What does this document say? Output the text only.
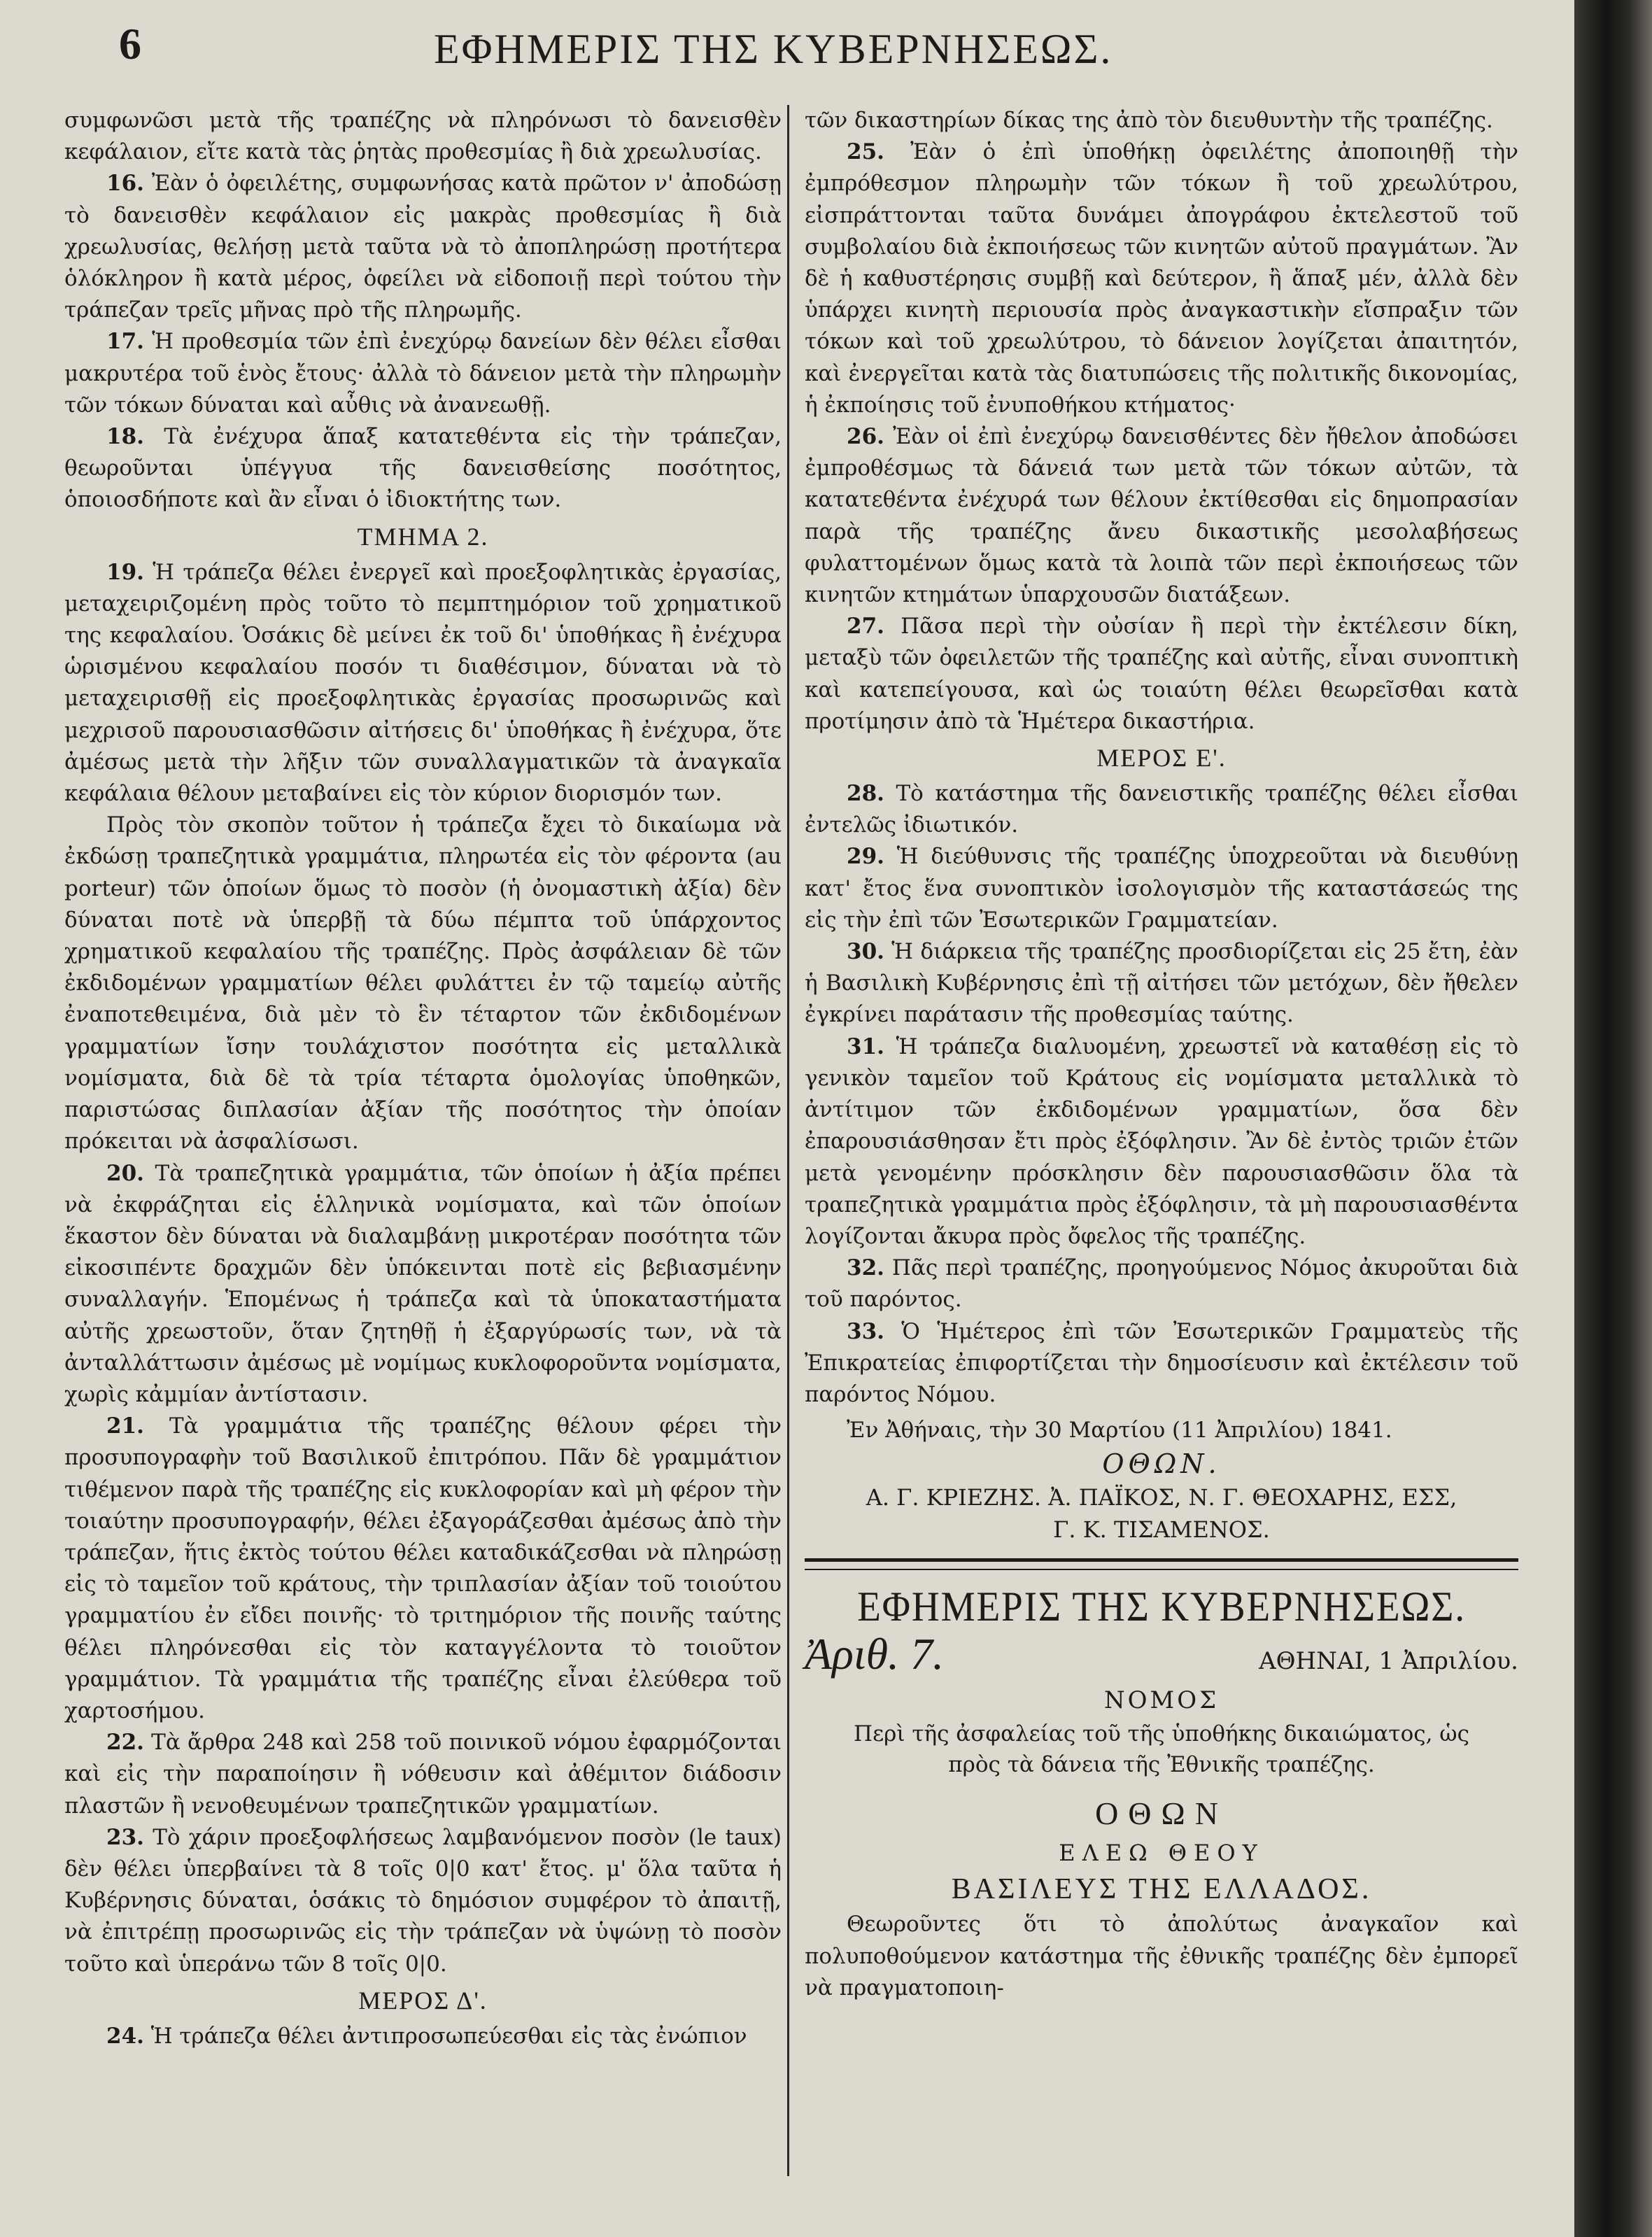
6	ΕΦΗΜΕΡΙΣ ΤΗΣ ΚΥΒΕΡΝΗΣΕΩΣ.

συμφωνῶσι μετὰ τῆς τραπέζης νὰ πληρόνωσι τὸ δανεισθὲν κεφάλαιον, εἴτε κατὰ τὰς ῥητὰς προθεσμίας ἢ διὰ χρεωλυσίας.

16. Ἐὰν ὁ ὀφειλέτης, συμφωνήσας κατὰ πρῶτον ν' ἀποδώσῃ τὸ δανεισθὲν κεφάλαιον εἰς μακρὰς προθεσμίας ἢ διὰ χρεωλυσίας, θελήσῃ μετὰ ταῦτα νὰ τὸ ἀποπληρώσῃ προτήτερα ὁλόκληρον ἢ κατὰ μέρος, ὀφείλει νὰ εἰδοποιῇ περὶ τούτου τὴν τράπεζαν τρεῖς μῆνας πρὸ τῆς πληρωμῆς.

17. Ἡ προθεσμία τῶν ἐπὶ ἐνεχύρῳ δανείων δὲν θέλει εἶσθαι μακρυτέρα τοῦ ἑνὸς ἔτους· ἀλλὰ τὸ δάνειον μετὰ τὴν πληρωμὴν τῶν τόκων δύναται καὶ αὖθις νὰ ἀνανεωθῇ.

18. Τὰ ἐνέχυρα ἅπαξ κατατεθέντα εἰς τὴν τράπεζαν, θεωροῦνται ὑπέγγυα τῆς δανεισθείσης ποσότητος, ὁποιοσδήποτε καὶ ἂν εἶναι ὁ ἰδιοκτήτης των.

ΤΜΗΜΑ 2.

19. Ἡ τράπεζα θέλει ἐνεργεῖ καὶ προεξοφλητικὰς ἐργασίας, μεταχειριζομένη πρὸς τοῦτο τὸ πεμπτημόριον τοῦ χρηματικοῦ της κεφαλαίου. Ὁσάκις δὲ μείνει ἐκ τοῦ δι' ὑποθήκας ἢ ἐνέχυρα ὡρισμένου κεφαλαίου ποσόν τι διαθέσιμον, δύναται νὰ τὸ μεταχειρισθῇ εἰς προεξοφλητικὰς ἐργασίας προσωρινῶς καὶ μεχρισοῦ παρουσιασθῶσιν αἰτήσεις δι' ὑποθήκας ἢ ἐνέχυρα, ὅτε ἀμέσως μετὰ τὴν λῆξιν τῶν συναλλαγματικῶν τὰ ἀναγκαῖα κεφάλαια θέλουν μεταβαίνει εἰς τὸν κύριον διορισμόν των.

Πρὸς τὸν σκοπὸν τοῦτον ἡ τράπεζα ἔχει τὸ δικαίωμα νὰ ἐκδώσῃ τραπεζητικὰ γραμμάτια, πληρωτέα εἰς τὸν φέροντα (au porteur) τῶν ὁποίων ὅμως τὸ ποσὸν (ἡ ὀνομαστικὴ ἀξία) δὲν δύναται ποτὲ νὰ ὑπερβῇ τὰ δύω πέμπτα τοῦ ὑπάρχοντος χρηματικοῦ κεφαλαίου τῆς τραπέζης. Πρὸς ἀσφάλειαν δὲ τῶν ἐκδιδομένων γραμματίων θέλει φυλάττει ἐν τῷ ταμείῳ αὐτῆς ἐναποτεθειμένα, διὰ μὲν τὸ ἓν τέταρτον τῶν ἐκδιδομένων γραμματίων ἴσην τουλάχιστον ποσότητα εἰς μεταλλικὰ νομίσματα, διὰ δὲ τὰ τρία τέταρτα ὁμολογίας ὑποθηκῶν, παριστώσας διπλασίαν ἀξίαν τῆς ποσότητος τὴν ὁποίαν πρόκειται νὰ ἀσφαλίσωσι.

20. Τὰ τραπεζητικὰ γραμμάτια, τῶν ὁποίων ἡ ἀξία πρέπει νὰ ἐκφράζηται εἰς ἑλληνικὰ νομίσματα, καὶ τῶν ὁποίων ἕκαστον δὲν δύναται νὰ διαλαμβάνῃ μικροτέραν ποσότητα τῶν εἰκοσιπέντε δραχμῶν δὲν ὑπόκεινται ποτὲ εἰς βεβιασμένην συναλλαγήν. Ἑπομένως ἡ τράπεζα καὶ τὰ ὑποκαταστήματα αὐτῆς χρεωστοῦν, ὅταν ζητηθῇ ἡ ἐξαργύρωσίς των, νὰ τὰ ἀνταλλάττωσιν ἀμέσως μὲ νομίμως κυκλοφοροῦντα νομίσματα, χωρὶς κἀμμίαν ἀντίστασιν.

21. Τὰ γραμμάτια τῆς τραπέζης θέλουν φέρει τὴν προσυπογραφὴν τοῦ Βασιλικοῦ ἐπιτρόπου. Πᾶν δὲ γραμμάτιον τιθέμενον παρὰ τῆς τραπέζης εἰς κυκλοφορίαν καὶ μὴ φέρον τὴν τοιαύτην προσυπογραφήν, θέλει ἐξαγοράζεσθαι ἀμέσως ἀπὸ τὴν τράπεζαν, ἥτις ἐκτὸς τούτου θέλει καταδικάζεσθαι νὰ πληρώσῃ εἰς τὸ ταμεῖον τοῦ κράτους, τὴν τριπλασίαν ἀξίαν τοῦ τοιούτου γραμματίου ἐν εἴδει ποινῆς· τὸ τριτημόριον τῆς ποινῆς ταύτης θέλει πληρόνεσθαι εἰς τὸν καταγγέλοντα τὸ τοιοῦτον γραμμάτιον. Τὰ γραμμάτια τῆς τραπέζης εἶναι ἐλεύθερα τοῦ χαρτοσήμου.

22. Τὰ ἄρθρα 248 καὶ 258 τοῦ ποινικοῦ νόμου ἐφαρμόζονται καὶ εἰς τὴν παραποίησιν ἢ νόθευσιν καὶ ἀθέμιτον διάδοσιν πλαστῶν ἢ νενοθευμένων τραπεζητικῶν γραμματίων.

23. Τὸ χάριν προεξοφλήσεως λαμβανόμενον ποσὸν (le taux) δὲν θέλει ὑπερβαίνει τὰ 8 τοῖς 0|0 κατ' ἔτος. μ' ὅλα ταῦτα ἡ Κυβέρνησις δύναται, ὁσάκις τὸ δημόσιον συμφέρον τὸ ἀπαιτῇ, νὰ ἐπιτρέπῃ προσωρινῶς εἰς τὴν τράπεζαν νὰ ὑψώνῃ τὸ ποσὸν τοῦτο καὶ ὑπεράνω τῶν 8 τοῖς 0|0.

ΜΕΡΟΣ Δ'.

24. Ἡ τράπεζα θέλει ἀντιπροσωπεύεσθαι εἰς τὰς ἐνώπιον

τῶν δικαστηρίων δίκας της ἀπὸ τὸν διευθυντὴν τῆς τραπέζης.

25. Ἐὰν ὁ ἐπὶ ὑποθήκῃ ὀφειλέτης ἀποποιηθῇ τὴν ἐμπρόθεσμον πληρωμὴν τῶν τόκων ἢ τοῦ χρεωλύτρου, εἰσπράττονται ταῦτα δυνάμει ἀπογράφου ἐκτελεστοῦ τοῦ συμβολαίου διὰ ἐκποιήσεως τῶν κινητῶν αὐτοῦ πραγμάτων. Ἂν δὲ ἡ καθυστέρησις συμβῇ καὶ δεύτερον, ἢ ἅπαξ μέν, ἀλλὰ δὲν ὑπάρχει κινητὴ περιουσία πρὸς ἀναγκαστικὴν εἴσπραξιν τῶν τόκων καὶ τοῦ χρεωλύτρου, τὸ δάνειον λογίζεται ἀπαιτητόν, καὶ ἐνεργεῖται κατὰ τὰς διατυπώσεις τῆς πολιτικῆς δικονομίας, ἡ ἐκποίησις τοῦ ἐνυποθήκου κτήματος·

26. Ἐὰν οἱ ἐπὶ ἐνεχύρῳ δανεισθέντες δὲν ἤθελον ἀποδώσει ἐμπροθέσμως τὰ δάνειά των μετὰ τῶν τόκων αὐτῶν, τὰ κατατεθέντα ἐνέχυρά των θέλουν ἐκτίθεσθαι εἰς δημοπρασίαν παρὰ τῆς τραπέζης ἄνευ δικαστικῆς μεσολαβήσεως φυλαττομένων ὅμως κατὰ τὰ λοιπὰ τῶν περὶ ἐκποιήσεως τῶν κινητῶν κτημάτων ὑπαρχουσῶν διατάξεων.

27. Πᾶσα περὶ τὴν οὐσίαν ἢ περὶ τὴν ἐκτέλεσιν δίκη, μεταξὺ τῶν ὀφειλετῶν τῆς τραπέζης καὶ αὐτῆς, εἶναι συνοπτικὴ καὶ κατεπείγουσα, καὶ ὡς τοιαύτη θέλει θεωρεῖσθαι κατὰ προτίμησιν ἀπὸ τὰ Ἡμέτερα δικαστήρια.

ΜΕΡΟΣ Ε'.

28. Τὸ κατάστημα τῆς δανειστικῆς τραπέζης θέλει εἶσθαι ἐντελῶς ἰδιωτικόν.

29. Ἡ διεύθυνσις τῆς τραπέζης ὑποχρεοῦται νὰ διευθύνῃ κατ' ἔτος ἕνα συνοπτικὸν ἰσολογισμὸν τῆς καταστάσεώς της εἰς τὴν ἐπὶ τῶν Ἐσωτερικῶν Γραμματείαν.

30. Ἡ διάρκεια τῆς τραπέζης προσδιορίζεται εἰς 25 ἔτη, ἐὰν ἡ Βασιλικὴ Κυβέρνησις ἐπὶ τῇ αἰτήσει τῶν μετόχων, δὲν ἤθελεν ἐγκρίνει παράτασιν τῆς προθεσμίας ταύτης.

31. Ἡ τράπεζα διαλυομένη, χρεωστεῖ νὰ καταθέσῃ εἰς τὸ γενικὸν ταμεῖον τοῦ Κράτους εἰς νομίσματα μεταλλικὰ τὸ ἀντίτιμον τῶν ἐκδιδομένων γραμματίων, ὅσα δὲν ἐπαρουσιάσθησαν ἔτι πρὸς ἐξόφλησιν. Ἂν δὲ ἐντὸς τριῶν ἐτῶν μετὰ γενομένην πρόσκλησιν δὲν παρουσιασθῶσιν ὅλα τὰ τραπεζητικὰ γραμμάτια πρὸς ἐξόφλησιν, τὰ μὴ παρουσιασθέντα λογίζονται ἄκυρα πρὸς ὄφελος τῆς τραπέζης.

32. Πᾶς περὶ τραπέζης, προηγούμενος Νόμος ἀκυροῦται διὰ τοῦ παρόντος.

33. Ὁ Ἡμέτερος ἐπὶ τῶν Ἐσωτερικῶν Γραμματεὺς τῆς Ἐπικρατείας ἐπιφορτίζεται τὴν δημοσίευσιν καὶ ἐκτέλεσιν τοῦ παρόντος Νόμου.

Ἐν Ἀθήναις, τὴν 30 Μαρτίου (11 Ἀπριλίου) 1841.

ΟΘΩΝ.

Α. Γ. ΚΡΙΕΖΗΣ. Ἀ. ΠΑΪΚΟΣ, Ν. Γ. ΘΕΟΧΑΡΗΣ, ΕΣΣ,

Γ. Κ. ΤΙΣΑΜΕΝΟΣ.

ΕΦΗΜΕΡΙΣ ΤΗΣ ΚΥΒΕΡΝΗΣΕΩΣ.
Ἀριθ. 7.	ΑΘΗΝΑΙ, 1 Ἀπριλίου.

ΝΟΜΟΣ

Περὶ τῆς ἀσφαλείας τοῦ τῆς ὑποθήκης δικαιώματος, ὡς

πρὸς τὰ δάνεια τῆς Ἐθνικῆς τραπέζης.

ΟΘΩΝ

ΕΛΕΩ ΘΕΟΥ

ΒΑΣΙΛΕΥΣ ΤΗΣ ΕΛΛΑΔΟΣ.

Θεωροῦντες ὅτι τὸ ἀπολύτως ἀναγκαῖον καὶ πολυποθούμενον κατάστημα τῆς ἐθνικῆς τραπέζης δὲν ἐμπορεῖ νὰ πραγματοποιη-
